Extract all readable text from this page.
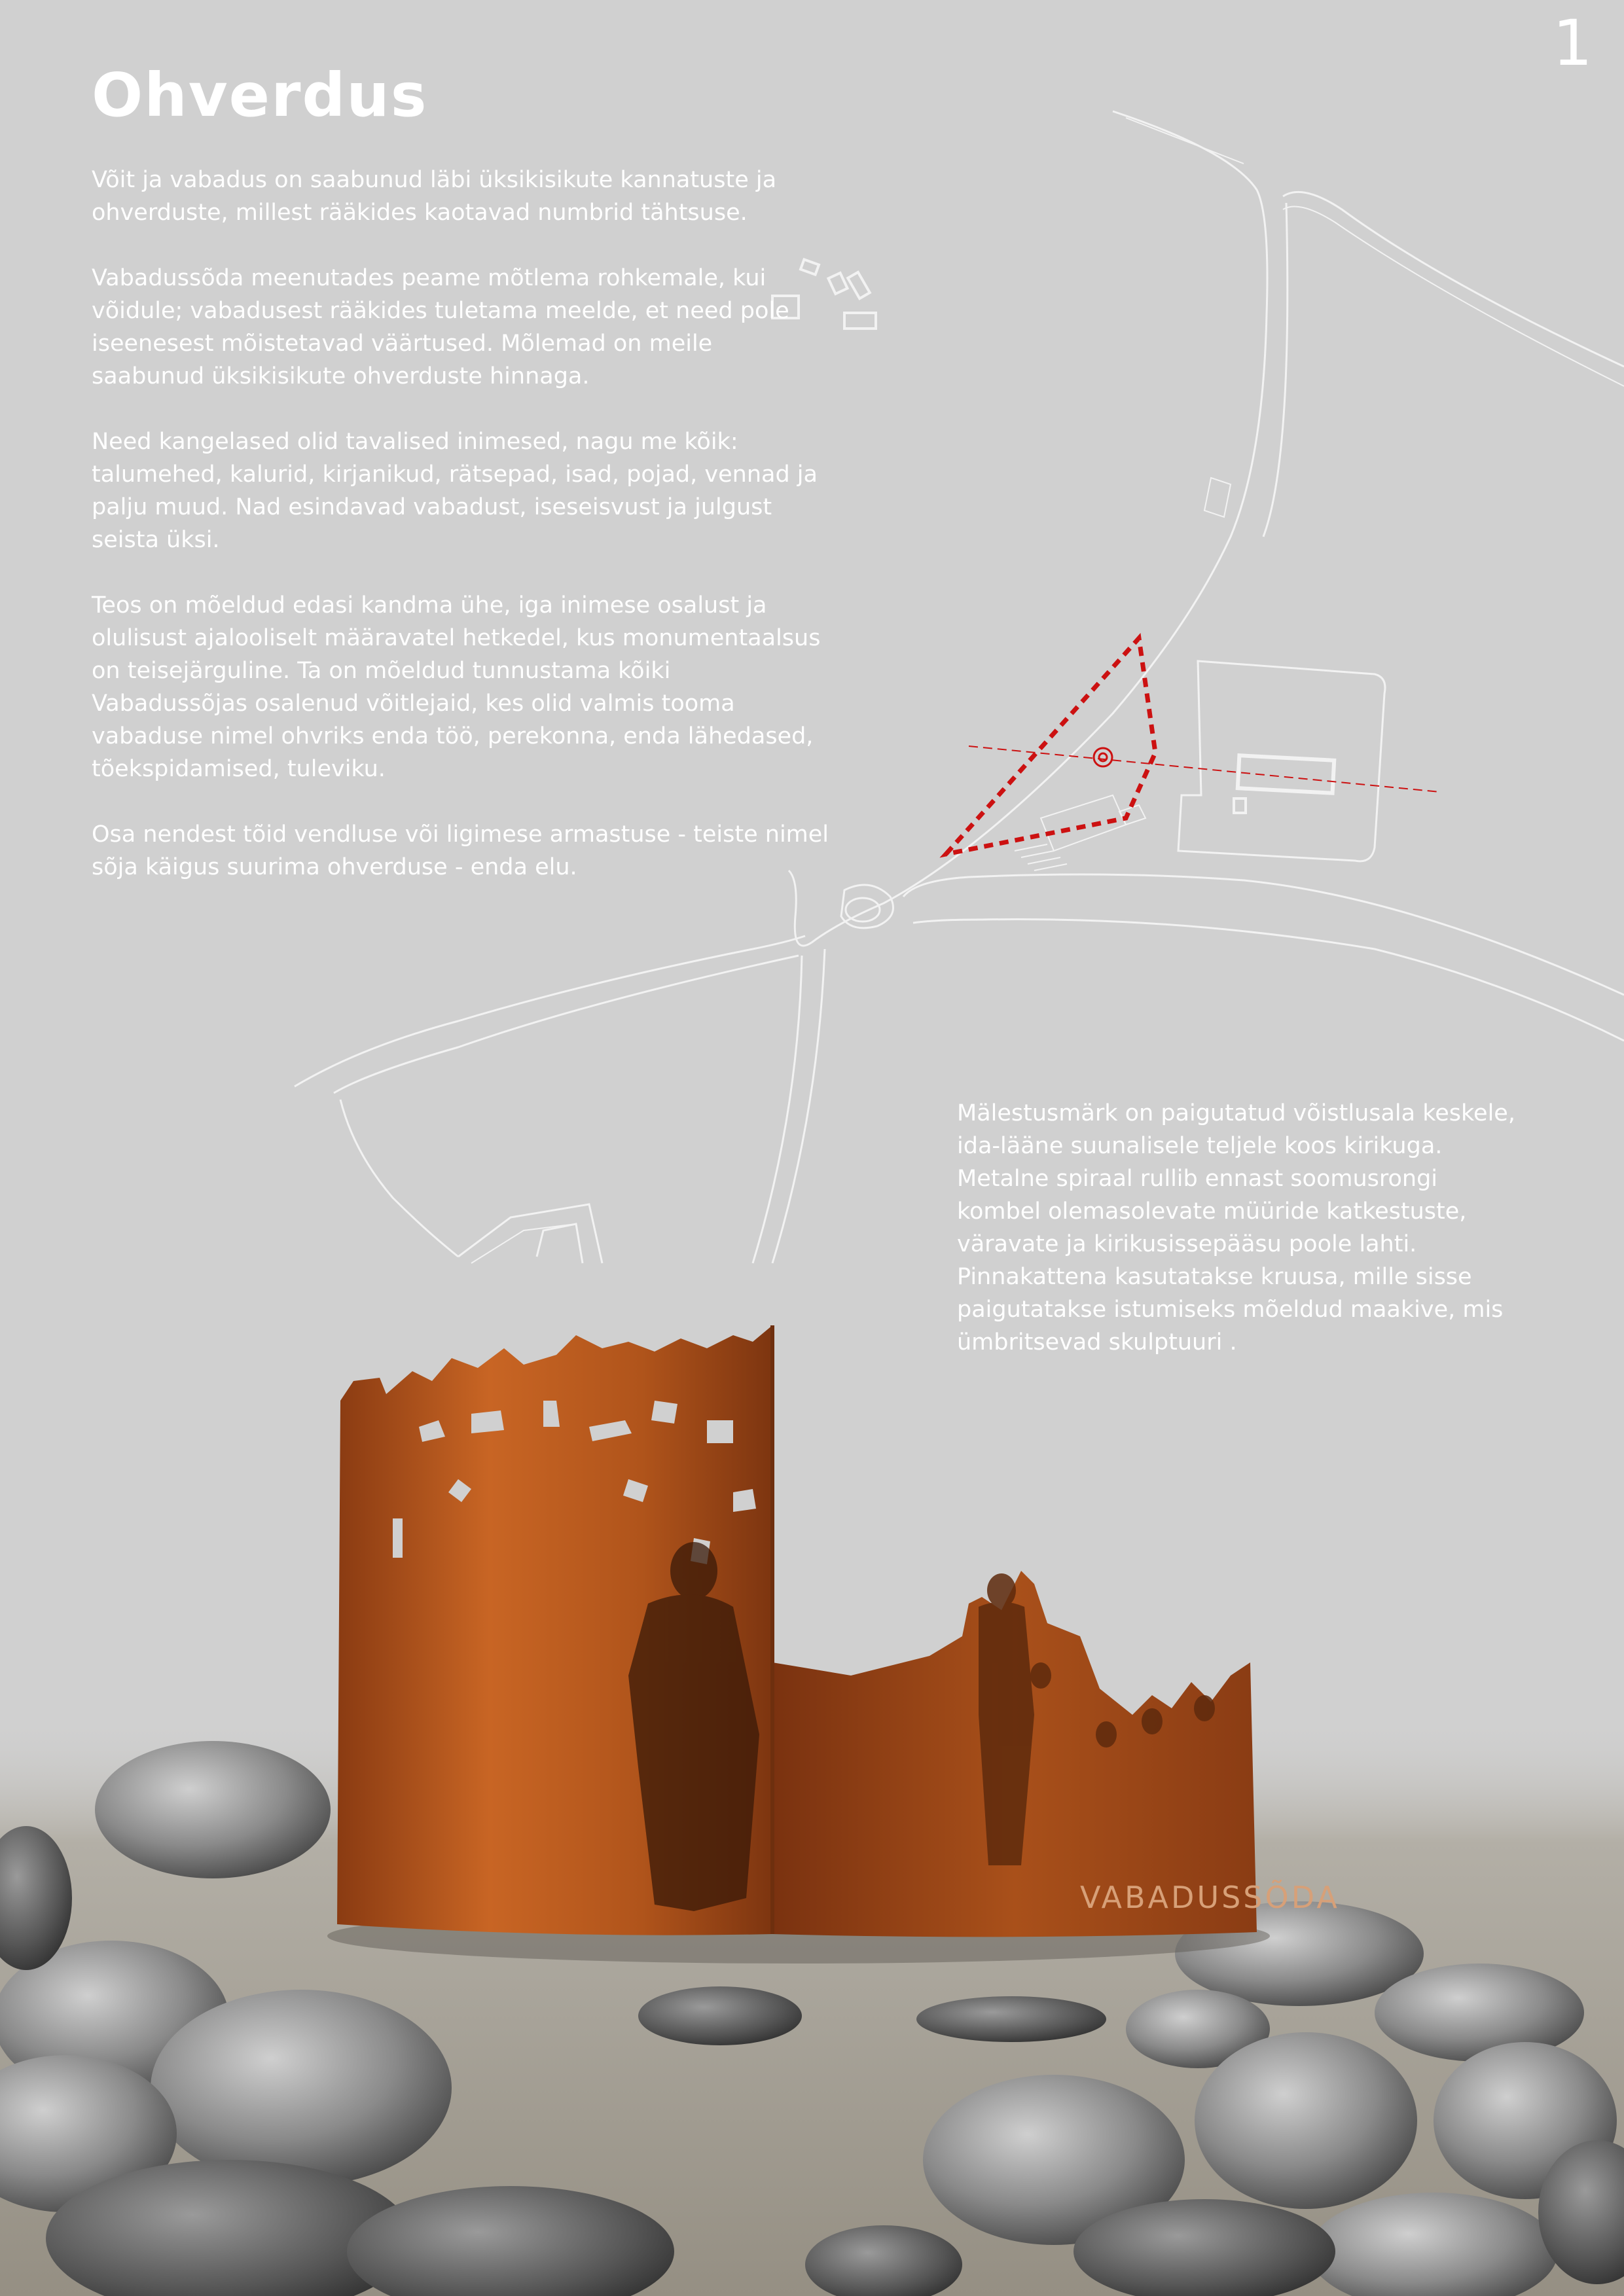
VABADUSSÕDA
1
Ohverdus

Võit ja vabadus on saabunud läbi üksikisikute kannatuste ja ohverduste, millest rääkides kaotavad numbrid tähtsuse.

Vabadussõda meenutades peame mõtlema rohkemale, kui võidule; vabadusest rääkides tuletama meelde, et need pole iseenesest mõistetavad väärtused. Mõlemad on meile saabunud üksikisikute ohverduste hinnaga.

Need kangelased olid tavalised inimesed, nagu me kõik: talumehed, kalurid, kirjanikud, rätsepad, isad, pojad, vennad ja palju muud. Nad esindavad vabadust, iseseisvust ja julgust seista üksi.

Teos on mõeldud edasi kandma ühe, iga inimese osalust ja olulisust ajalooliselt määravatel hetkedel, kus monumentaalsus on teisejärguline. Ta on mõeldud tunnustama kõiki Vabadussõjas osalenud võitlejaid, kes olid valmis tooma vabaduse nimel ohvriks enda töö, perekonna, enda lähedased, tõekspidamised, tuleviku.

Osa nendest tõid vendluse või ligimese armastuse - teiste nimel sõja käigus suurima ohverduse - enda elu.

Mälestusmärk on paigutatud võistlusala keskele, ida-lääne suunalisele teljele koos kirikuga. Metalne spiraal rullib ennast soomusrongi kombel olemasolevate müüride katkestuste, väravate ja kirikusissepääsu poole lahti. Pinnakattena kasutatakse kruusa, mille sisse paigutatakse istumiseks mõeldud maakive, mis ümbritsevad skulptuuri .
